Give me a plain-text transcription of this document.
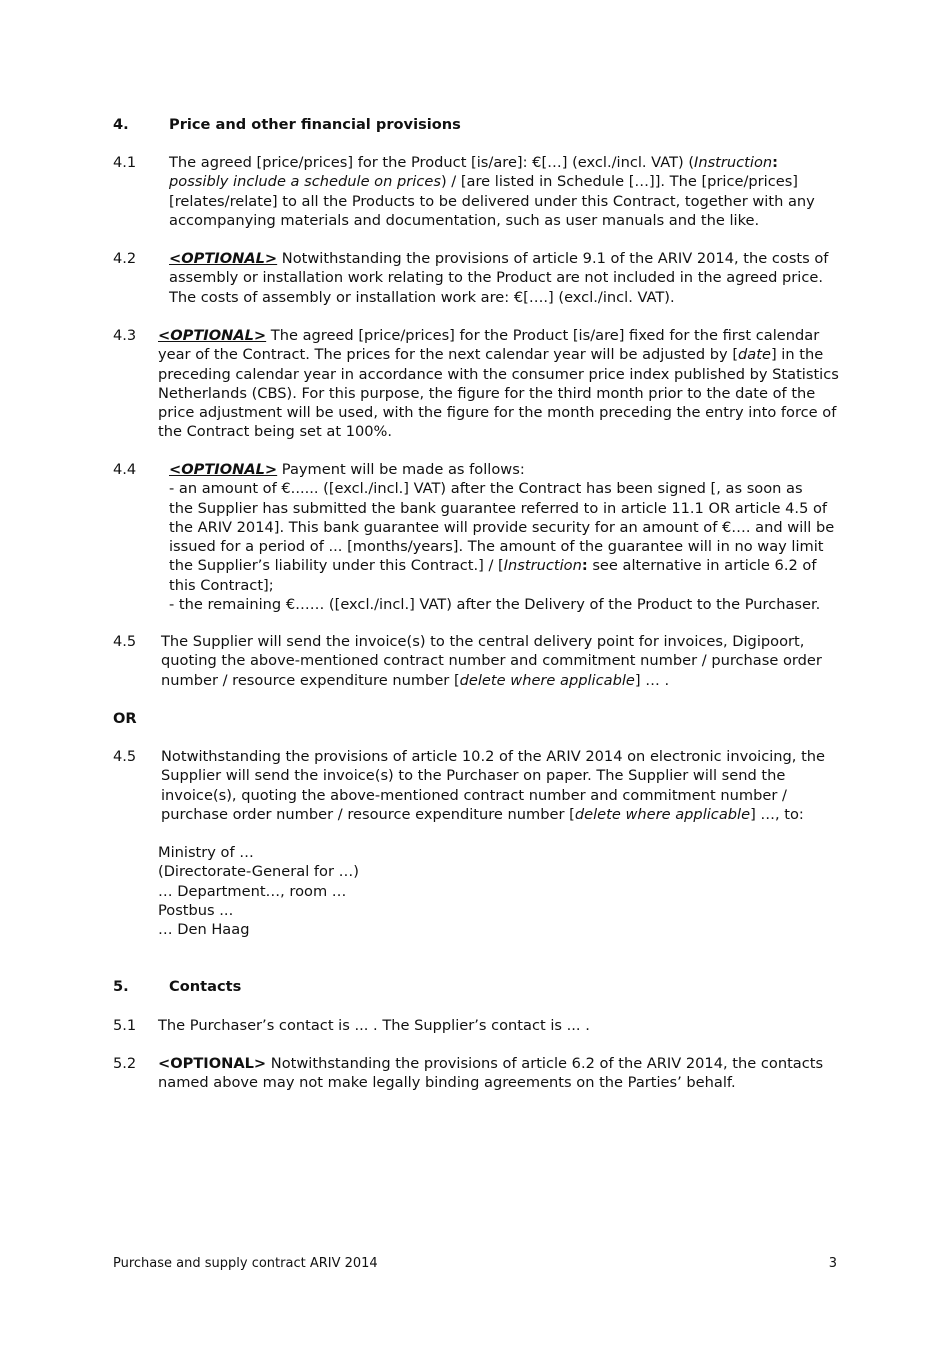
4.	Price and other financial provisions
4.1 The agreed [price/prices] for the Product [is/are]: €[…] (excl./incl. VAT) (Instruction:
possibly include a schedule on prices) / [are listed in Schedule […]]. The [price/prices]
[relates/relate] to all the Products to be delivered under this Contract, together with any
accompanying materials and documentation, such as user manuals and the like.
4.2 <OPTIONAL> Notwithstanding the provisions of article 9.1 of the ARIV 2014, the costs of
assembly or installation work relating to the Product are not included in the agreed price.
The costs of assembly or installation work are: €[….] (excl./incl. VAT).
4.3 <OPTIONAL> The agreed [price/prices] for the Product [is/are] fixed for the first calendar
year of the Contract. The prices for the next calendar year will be adjusted by [date] in the
preceding calendar year in accordance with the consumer price index published by Statistics
Netherlands (CBS). For this purpose, the figure for the third month prior to the date of the
price adjustment will be used, with the figure for the month preceding the entry into force of
the Contract being set at 100%.
4.4 <OPTIONAL> Payment will be made as follows:
- an amount of €...... ([excl./incl.] VAT) after the Contract has been signed [, as soon as
the Supplier has submitted the bank guarantee referred to in article 11.1 OR article 4.5 of
the ARIV 2014]. This bank guarantee will provide security for an amount of €…. and will be
issued for a period of ... [months/years]. The amount of the guarantee will in no way limit
the Supplier’s liability under this Contract.] / [Instruction: see alternative in article 6.2 of
this Contract];
- the remaining €…… ([excl./incl.] VAT) after the Delivery of the Product to the Purchaser.
4.5 The Supplier will send the invoice(s) to the central delivery point for invoices, Digipoort,
quoting the above-mentioned contract number and commitment number / purchase order
number / resource expenditure number [delete where applicable] … .
OR
4.5 Notwithstanding the provisions of article 10.2 of the ARIV 2014 on electronic invoicing, the
Supplier will send the invoice(s) to the Purchaser on paper. The Supplier will send the
invoice(s), quoting the above-mentioned contract number and commitment number /
purchase order number / resource expenditure number [delete where applicable] …, to:
Ministry of …
(Directorate-General for …)
… Department…, room …
Postbus ...
… Den Haag
5.	Contacts
5.1 The Purchaser’s contact is ... . The Supplier’s contact is ... .
5.2 <OPTIONAL> Notwithstanding the provisions of article 6.2 of the ARIV 2014, the contacts
named above may not make legally binding agreements on the Parties’ behalf.
Purchase and supply contract ARIV 2014	3
